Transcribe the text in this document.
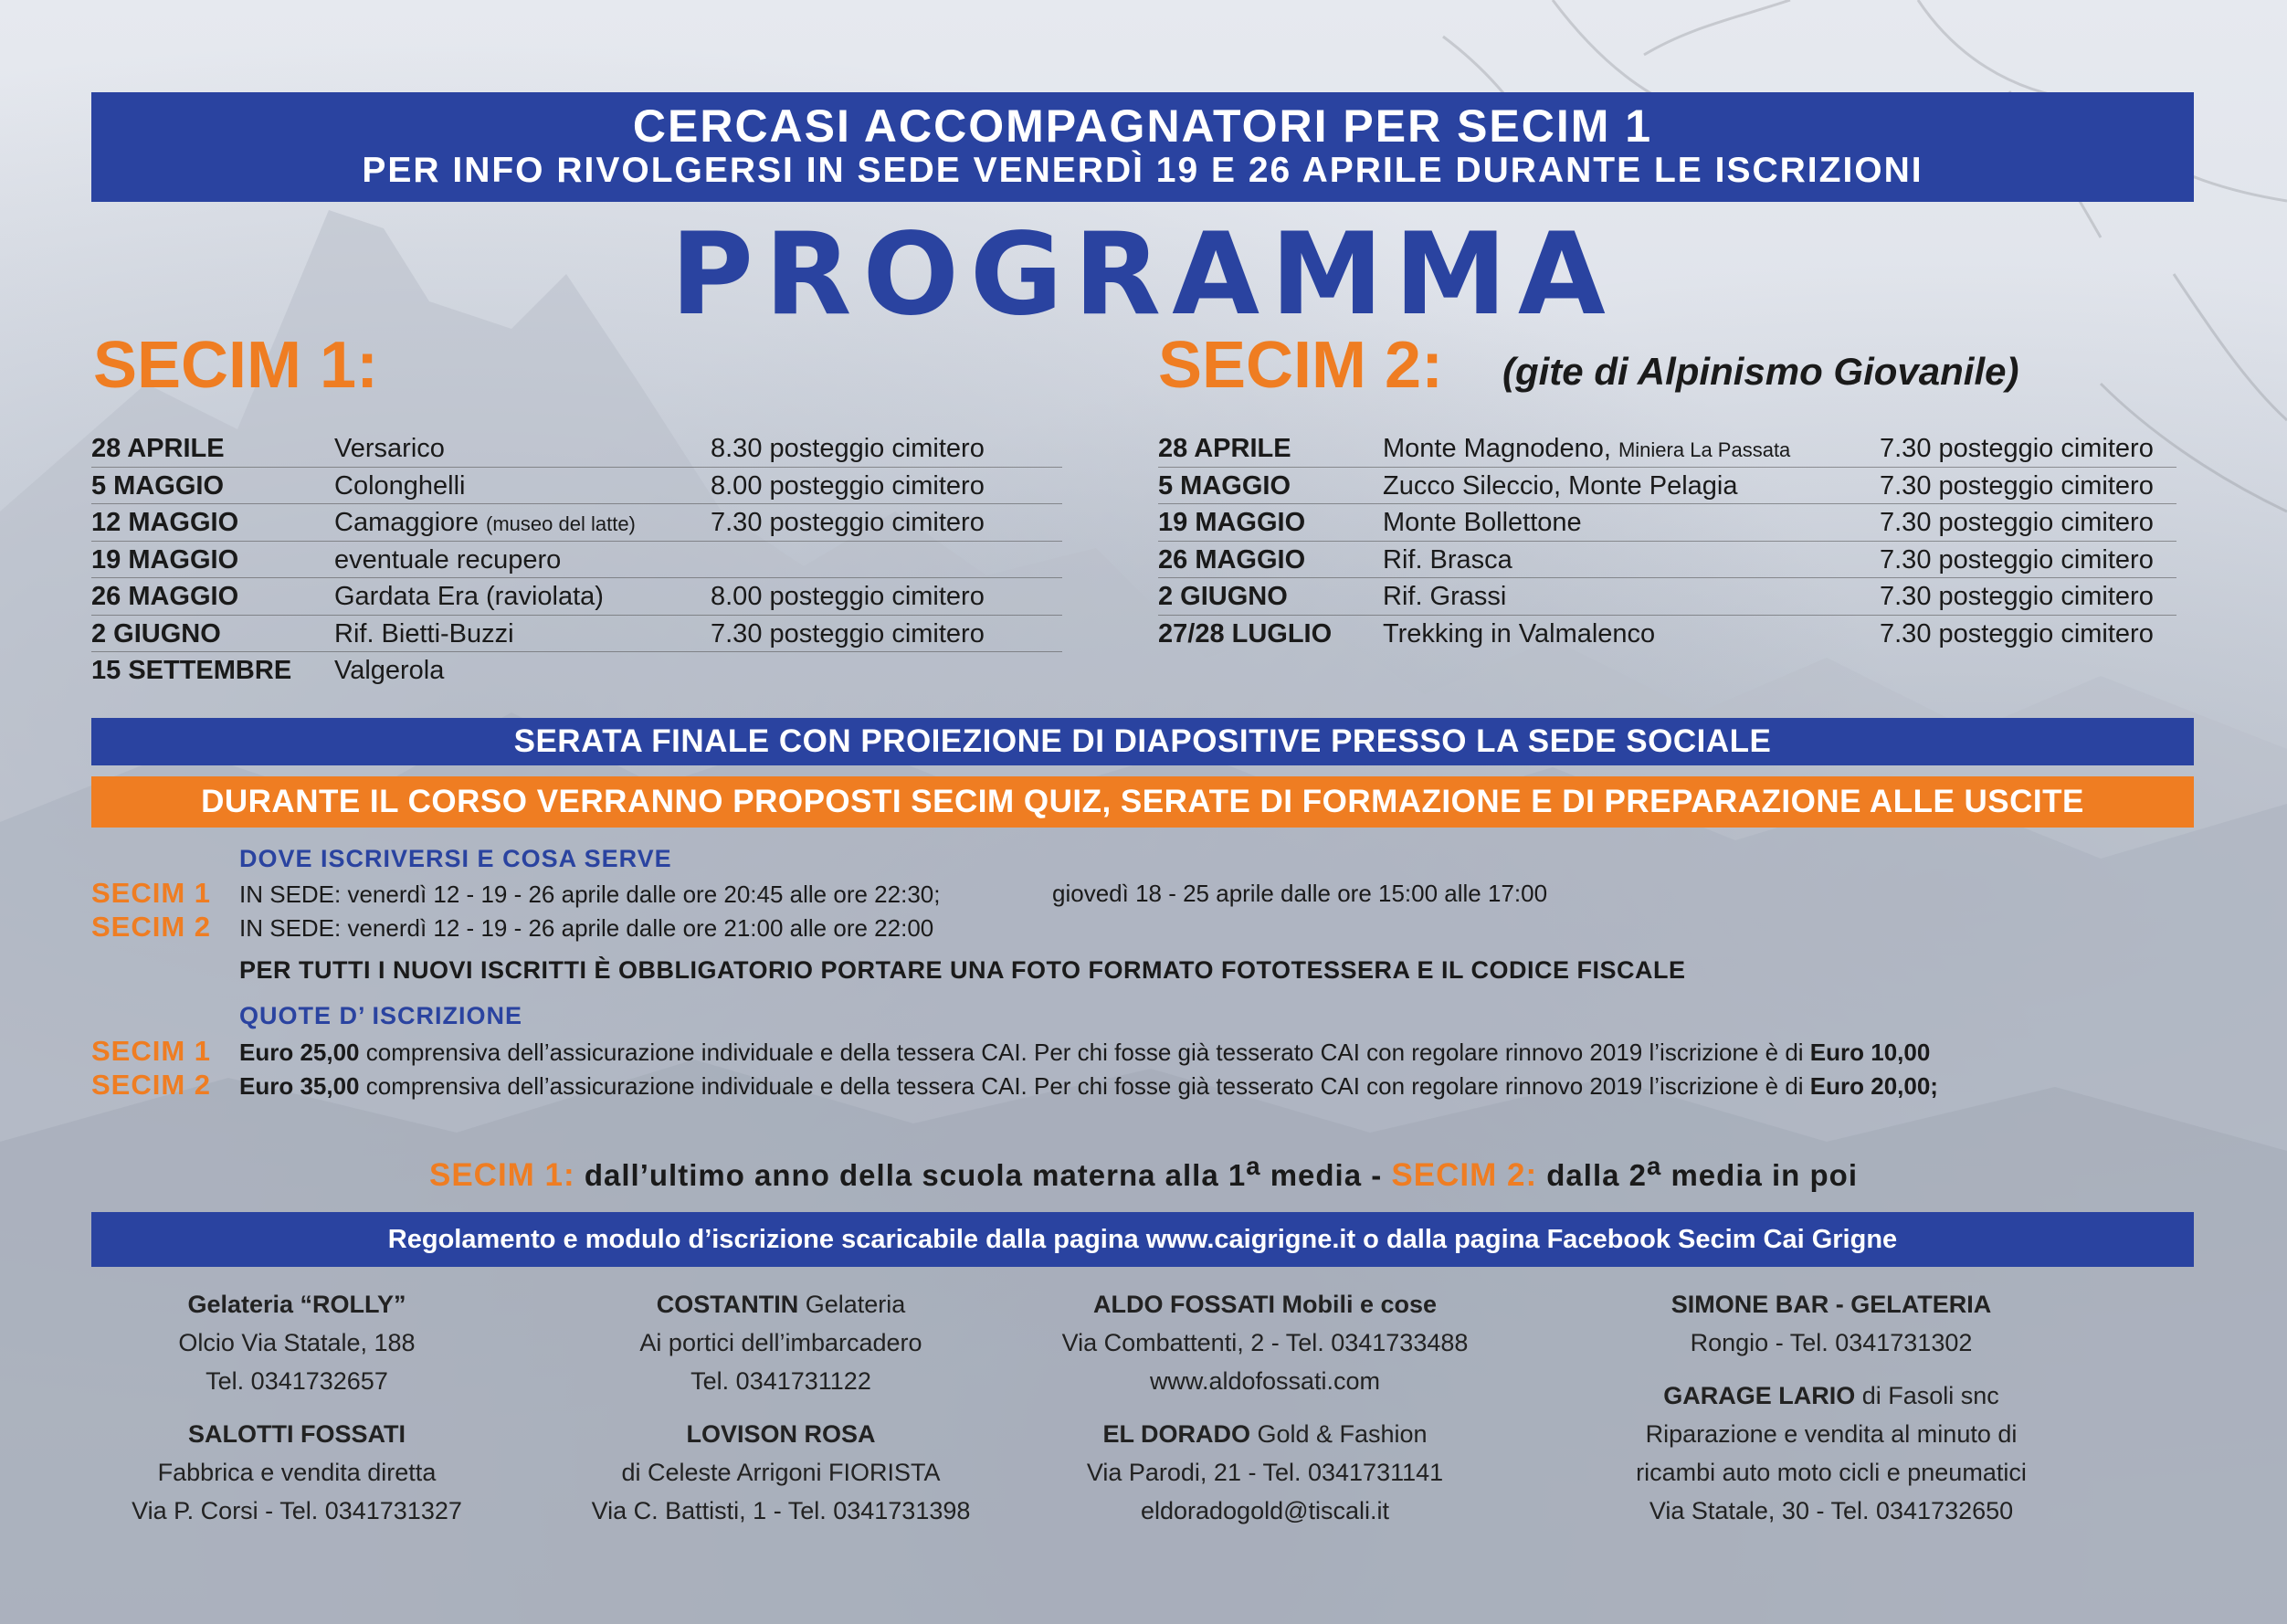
CERCASI ACCOMPAGNATORI PER SECIM 1
PER INFO RIVOLGERSI IN SEDE VENERDÌ 19 E 26 APRILE DURANTE LE ISCRIZIONI
PROGRAMMA
SECIM 1:	SECIM 2: (gite di Alpinismo Giovanile)
28 APRILE	Versarico	8.30 posteggio cimitero
5 MAGGIO	Colonghelli	8.00 posteggio cimitero
12 MAGGIO	Camaggiore (museo del latte)	7.30 posteggio cimitero
19 MAGGIO	eventuale recupero
26 MAGGIO	Gardata Era (raviolata)	8.00 posteggio cimitero
2 GIUGNO	Rif. Bietti-Buzzi	7.30 posteggio cimitero
15 SETTEMBRE Valgerola
28 APRILE	Monte Magnodeno, Miniera La Passata	7.30 posteggio cimitero
5 MAGGIO	Zucco Sileccio, Monte Pelagia	7.30 posteggio cimitero
19 MAGGIO	Monte Bollettone	7.30 posteggio cimitero
26 MAGGIO	Rif. Brasca	7.30 posteggio cimitero
2 GIUGNO	Rif. Grassi	7.30 posteggio cimitero
27/28 LUGLIO Trekking in Valmalenco	7.30 posteggio cimitero
SERATA FINALE CON PROIEZIONE DI DIAPOSITIVE PRESSO LA SEDE SOCIALE
DURANTE IL CORSO VERRANNO PROPOSTI SECIM QUIZ, SERATE DI FORMAZIONE E DI PREPARAZIONE ALLE USCITE
DOVE ISCRIVERSI E COSA SERVE
SECIM 1 IN SEDE: venerdì 12 - 19 - 26 aprile dalle ore 20:45 alle ore 22:30;	giovedì 18 - 25 aprile dalle ore 15:00 alle 17:00
SECIM 2 IN SEDE: venerdì 12 - 19 - 26 aprile dalle ore 21:00 alle ore 22:00
PER TUTTI I NUOVI ISCRITTI È OBBLIGATORIO PORTARE UNA FOTO FORMATO FOTOTESSERA E IL CODICE FISCALE
QUOTE D’ ISCRIZIONE
SECIM 1 Euro 25,00 comprensiva dell’assicurazione individuale e della tessera CAI. Per chi fosse già tesserato CAI con regolare rinnovo 2019 l’iscrizione è di Euro 10,00
SECIM 2 Euro 35,00 comprensiva dell’assicurazione individuale e della tessera CAI. Per chi fosse già tesserato CAI con regolare rinnovo 2019 l’iscrizione è di Euro 20,00;
SECIM 1: dall’ultimo anno della scuola materna alla 1$^a$ media - SECIM 2: dalla 2$^a$ media in poi
Regolamento e modulo d’iscrizione scaricabile dalla pagina www.caigrigne.it o dalla pagina Facebook Secim Cai Grigne
Gelateria “ROLLY”
Olcio Via Statale, 188
Tel. 0341732657
SALOTTI FOSSATI
Fabbrica e vendita diretta
Via P. Corsi - Tel. 0341731327
COSTANTIN Gelateria
Ai portici dell’imbarcadero
Tel. 0341731122
LOVISON ROSA
di Celeste Arrigoni FIORISTA
Via C. Battisti, 1 - Tel. 0341731398
ALDO FOSSATI Mobili e cose
Via Combattenti, 2 - Tel. 0341733488
www.aldofossati.com
EL DORADO Gold & Fashion
Via Parodi, 21 - Tel. 0341731141
eldoradogold@tiscali.it
SIMONE BAR - GELATERIA
Rongio - Tel. 0341731302
GARAGE LARIO di Fasoli snc
Riparazione e vendita al minuto di
ricambi auto moto cicli e pneumatici
Via Statale, 30 - Tel. 0341732650
